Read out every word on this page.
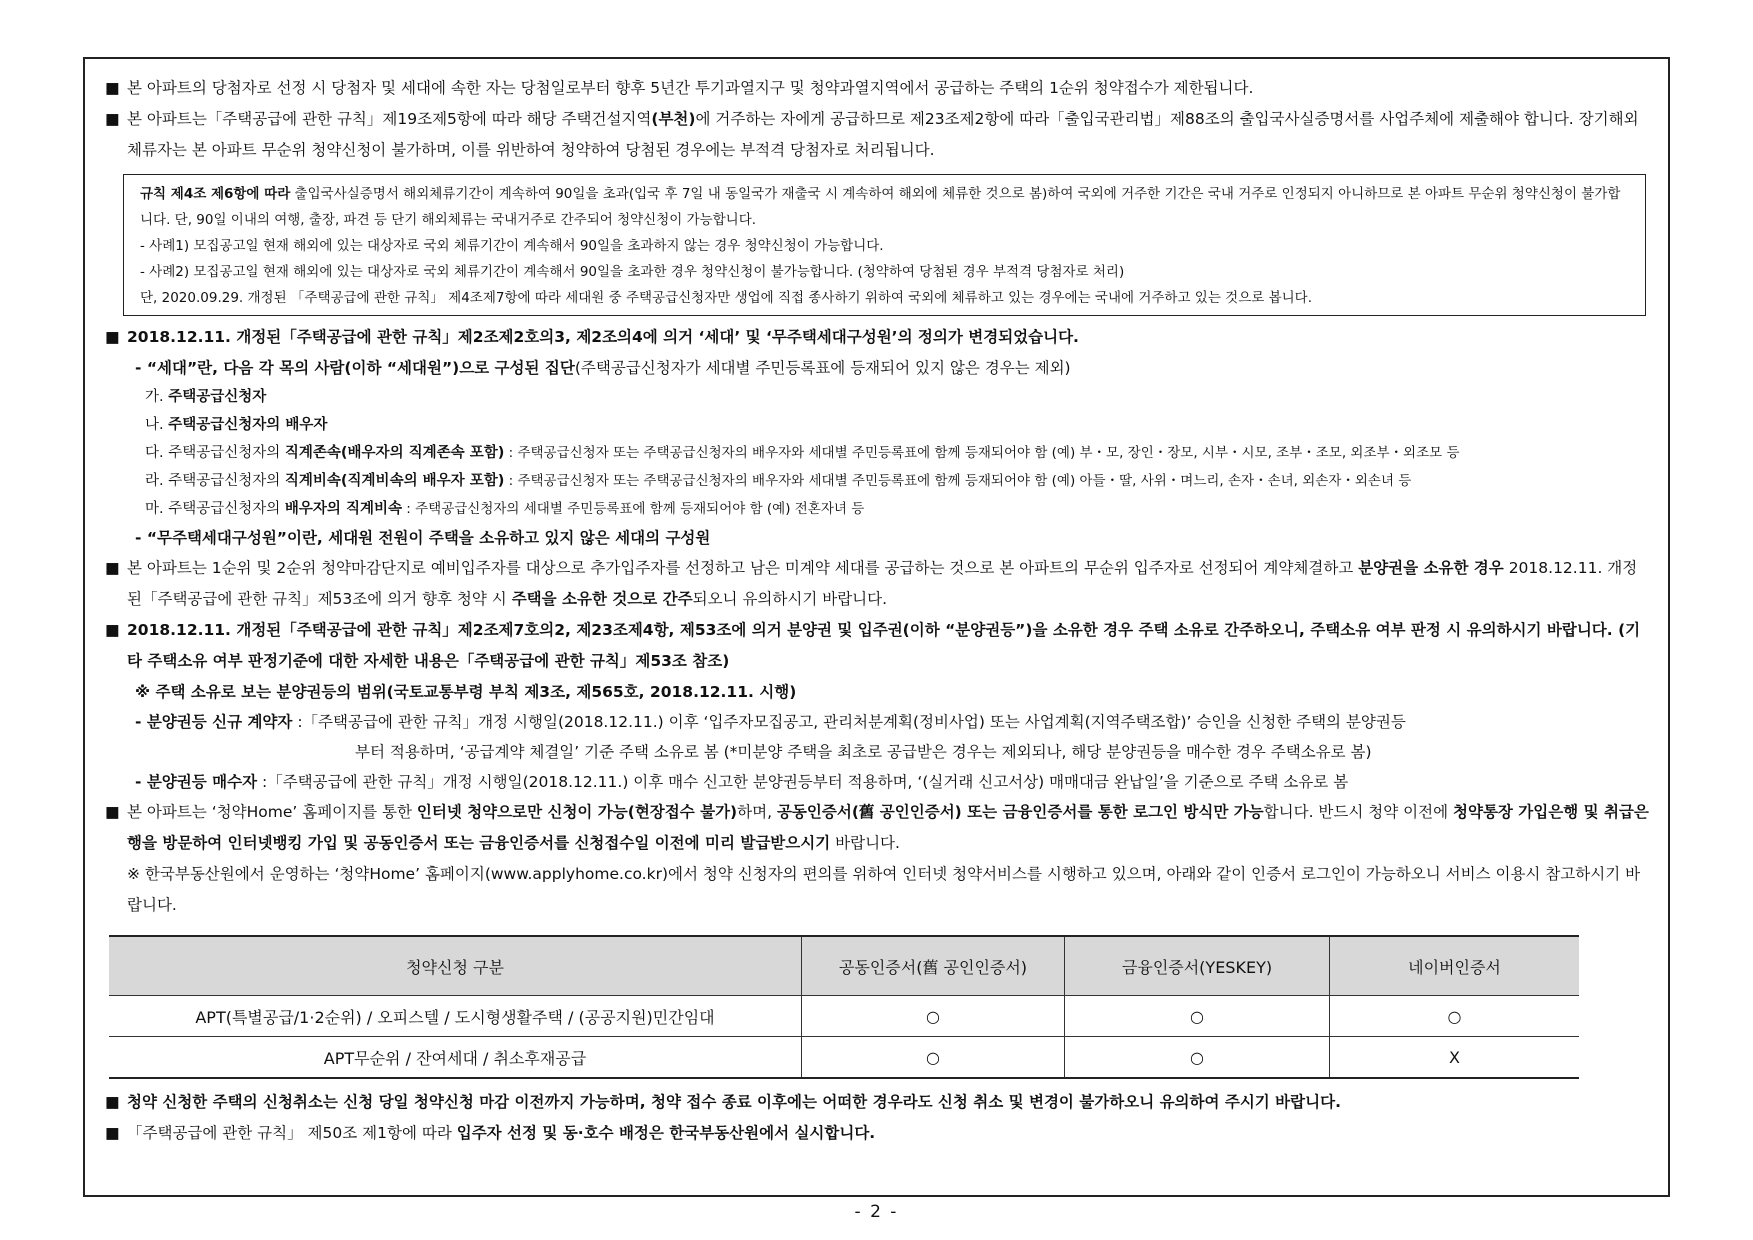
■ 본 아파트의 당첨자로 선정 시 당첨자 및 세대에 속한 자는 당첨일로부터 향후 5년간 투기과열지구 및 청약과열지역에서 공급하는 주택의 1순위 청약접수가 제한됩니다.

■ 본 아파트는「주택공급에 관한 규칙」제19조제5항에 따라 해당 주택건설지역(부천)에 거주하는 자에게 공급하므로 제23조제2항에 따라「출입국관리법」제88조의 출입국사실증명서를 사업주체에 제출해야 합니다. 장기해외체류자는 본 아파트 무순위 청약신청이 불가하며, 이를 위반하여 청약하여 당첨된 경우에는 부적격 당첨자로 처리됩니다.

규칙 제4조 제6항에 따라 출입국사실증명서 해외체류기간이 계속하여 90일을 초과(입국 후 7일 내 동일국가 재출국 시 계속하여 해외에 체류한 것으로 봄)하여 국외에 거주한 기간은 국내 거주로 인정되지 아니하므로 본 아파트 무순위 청약신청이 불가합니다. 단, 90일 이내의 여행, 출장, 파견 등 단기 해외체류는 국내거주로 간주되어 청약신청이 가능합니다.

- 사례1) 모집공고일 현재 해외에 있는 대상자로 국외 체류기간이 계속해서 90일을 초과하지 않는 경우 청약신청이 가능합니다.

- 사례2) 모집공고일 현재 해외에 있는 대상자로 국외 체류기간이 계속해서 90일을 초과한 경우 청약신청이 불가능합니다. (청약하여 당첨된 경우 부적격 당첨자로 처리)

단, 2020.09.29. 개정된 「주택공급에 관한 규칙」 제4조제7항에 따라 세대원 중 주택공급신청자만 생업에 직접 종사하기 위하여 국외에 체류하고 있는 경우에는 국내에 거주하고 있는 것으로 봅니다.

■ 2018.12.11. 개정된「주택공급에 관한 규칙」제2조제2호의3, 제2조의4에 의거 ‘세대’ 및 ‘무주택세대구성원’의 정의가 변경되었습니다.

- “세대”란, 다음 각 목의 사람(이하 “세대원”)으로 구성된 집단(주택공급신청자가 세대별 주민등록표에 등재되어 있지 않은 경우는 제외)

가. 주택공급신청자

나. 주택공급신청자의 배우자

다. 주택공급신청자의 직계존속(배우자의 직계존속 포함) : 주택공급신청자 또는 주택공급신청자의 배우자와 세대별 주민등록표에 함께 등재되어야 함 (예) 부・모, 장인・장모, 시부・시모, 조부・조모, 외조부・외조모 등

라. 주택공급신청자의 직계비속(직계비속의 배우자 포함) : 주택공급신청자 또는 주택공급신청자의 배우자와 세대별 주민등록표에 함께 등재되어야 함 (예) 아들・딸, 사위・며느리, 손자・손녀, 외손자・외손녀 등

마. 주택공급신청자의 배우자의 직계비속 : 주택공급신청자의 세대별 주민등록표에 함께 등재되어야 함 (예) 전혼자녀 등

- “무주택세대구성원”이란, 세대원 전원이 주택을 소유하고 있지 않은 세대의 구성원

■ 본 아파트는 1순위 및 2순위 청약마감단지로 예비입주자를 대상으로 추가입주자를 선정하고 남은 미계약 세대를 공급하는 것으로 본 아파트의 무순위 입주자로 선정되어 계약체결하고 분양권을 소유한 경우 2018.12.11. 개정된「주택공급에 관한 규칙」제53조에 의거 향후 청약 시 주택을 소유한 것으로 간주되오니 유의하시기 바랍니다.

■ 2018.12.11. 개정된「주택공급에 관한 규칙」제2조제7호의2, 제23조제4항, 제53조에 의거 분양권 및 입주권(이하 “분양권등”)을 소유한 경우 주택 소유로 간주하오니, 주택소유 여부 판정 시 유의하시기 바랍니다. (기타 주택소유 여부 판정기준에 대한 자세한 내용은「주택공급에 관한 규칙」제53조 참조)

※ 주택 소유로 보는 분양권등의 범위(국토교통부령 부칙 제3조, 제565호, 2018.12.11. 시행)

- 분양권등 신규 계약자 :「주택공급에 관한 규칙」개정 시행일(2018.12.11.) 이후 ‘입주자모집공고, 관리처분계획(정비사업) 또는 사업계획(지역주택조합)’ 승인을 신청한 주택의 분양권등

부터 적용하며, ‘공급계약 체결일’ 기준 주택 소유로 봄 (*미분양 주택을 최초로 공급받은 경우는 제외되나, 해당 분양권등을 매수한 경우 주택소유로 봄)

- 분양권등 매수자 :「주택공급에 관한 규칙」개정 시행일(2018.12.11.) 이후 매수 신고한 분양권등부터 적용하며, ‘(실거래 신고서상) 매매대금 완납일’을 기준으로 주택 소유로 봄

■ 본 아파트는 ‘청약Home’ 홈페이지를 통한 인터넷 청약으로만 신청이 가능(현장접수 불가)하며, 공동인증서(舊 공인인증서) 또는 금융인증서를 통한 로그인 방식만 가능합니다. 반드시 청약 이전에 청약통장 가입은행 및 취급은행을 방문하여 인터넷뱅킹 가입 및 공동인증서 또는 금융인증서를 신청접수일 이전에 미리 발급받으시기 바랍니다.

※ 한국부동산원에서 운영하는 ‘청약Home’ 홈페이지(www.applyhome.co.kr)에서 청약 신청자의 편의를 위하여 인터넷 청약서비스를 시행하고 있으며, 아래와 같이 인증서 로그인이 가능하오니 서비스 이용시 참고하시기 바랍니다.

청약신청 구분	공동인증서(舊 공인인증서)	금융인증서(YESKEY)	네이버인증서
APT(특별공급/1·2순위) / 오피스텔 / 도시형생활주택 / (공공지원)민간임대	○	○	○
APT무순위 / 잔여세대 / 취소후재공급	○	○	X

■ 청약 신청한 주택의 신청취소는 신청 당일 청약신청 마감 이전까지 가능하며, 청약 접수 종료 이후에는 어떠한 경우라도 신청 취소 및 변경이 불가하오니 유의하여 주시기 바랍니다.

■ 「주택공급에 관한 규칙」 제50조 제1항에 따라 입주자 선정 및 동·호수 배정은 한국부동산원에서 실시합니다.

- 2 -
